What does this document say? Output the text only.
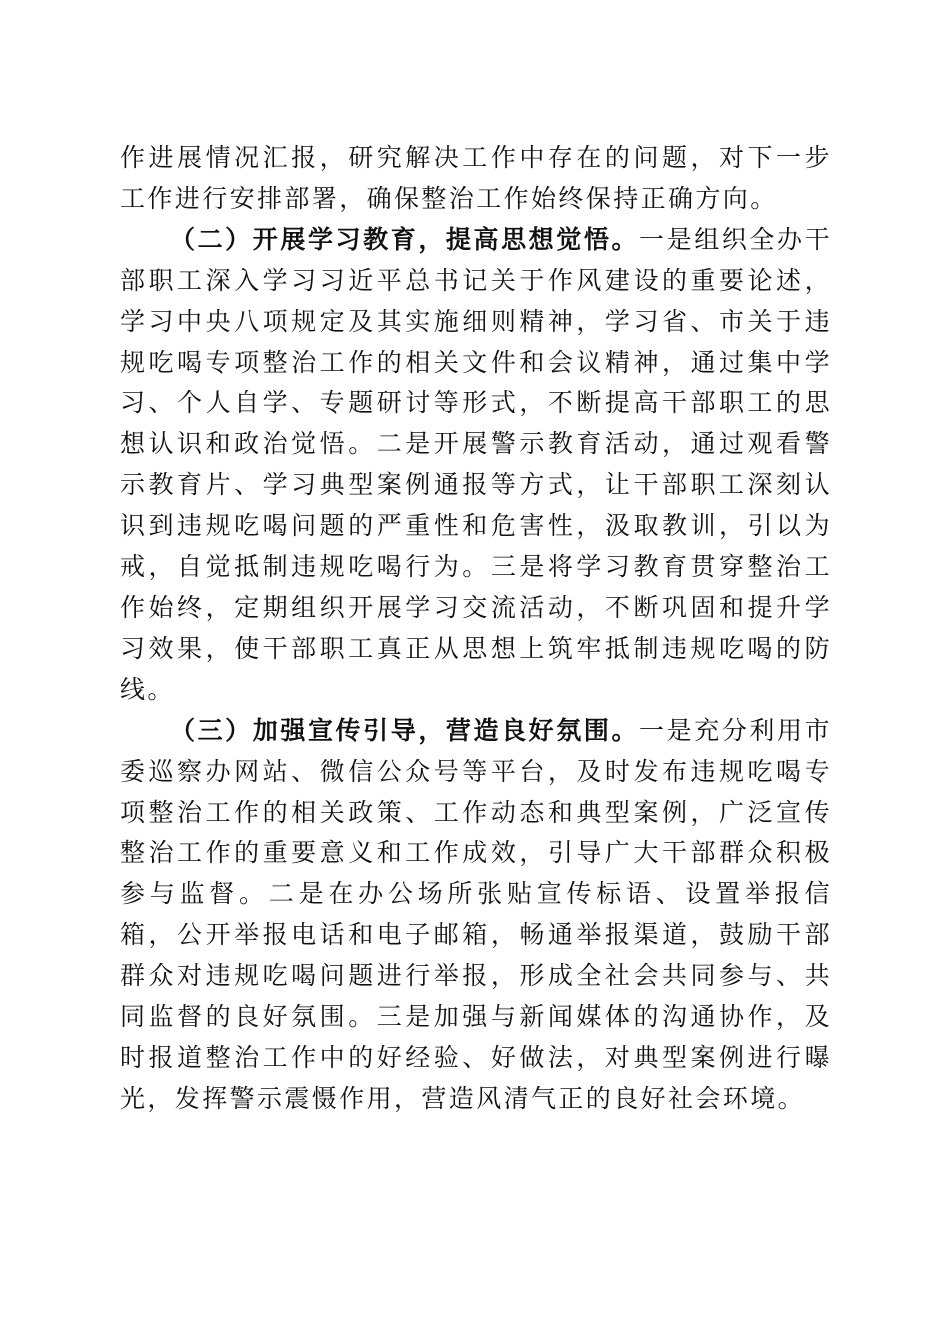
作进展情况汇报，研究解决工作中存在的问题，对下一步工作进行安排部署，确保整治工作始终保持正确方向。

（二）开展学习教育，提高思想觉悟。一是组织全办干部职工深入学习习近平总书记关于作风建设的重要论述，学习中央八项规定及其实施细则精神，学习省、市关于违规吃喝专项整治工作的相关文件和会议精神，通过集中学习、个人自学、专题研讨等形式，不断提高干部职工的思想认识和政治觉悟。二是开展警示教育活动，通过观看警示教育片、学习典型案例通报等方式，让干部职工深刻认识到违规吃喝问题的严重性和危害性，汲取教训，引以为戒，自觉抵制违规吃喝行为。三是将学习教育贯穿整治工作始终，定期组织开展学习交流活动，不断巩固和提升学习效果，使干部职工真正从思想上筑牢抵制违规吃喝的防线。

（三）加强宣传引导，营造良好氛围。一是充分利用市委巡察办网站、微信公众号等平台，及时发布违规吃喝专项整治工作的相关政策、工作动态和典型案例，广泛宣传整治工作的重要意义和工作成效，引导广大干部群众积极参与监督。二是在办公场所张贴宣传标语、设置举报信箱，公开举报电话和电子邮箱，畅通举报渠道，鼓励干部群众对违规吃喝问题进行举报，形成全社会共同参与、共同监督的良好氛围。三是加强与新闻媒体的沟通协作，及时报道整治工作中的好经验、好做法，对典型案例进行曝光，发挥警示震慑作用，营造风清气正的良好社会环境。
